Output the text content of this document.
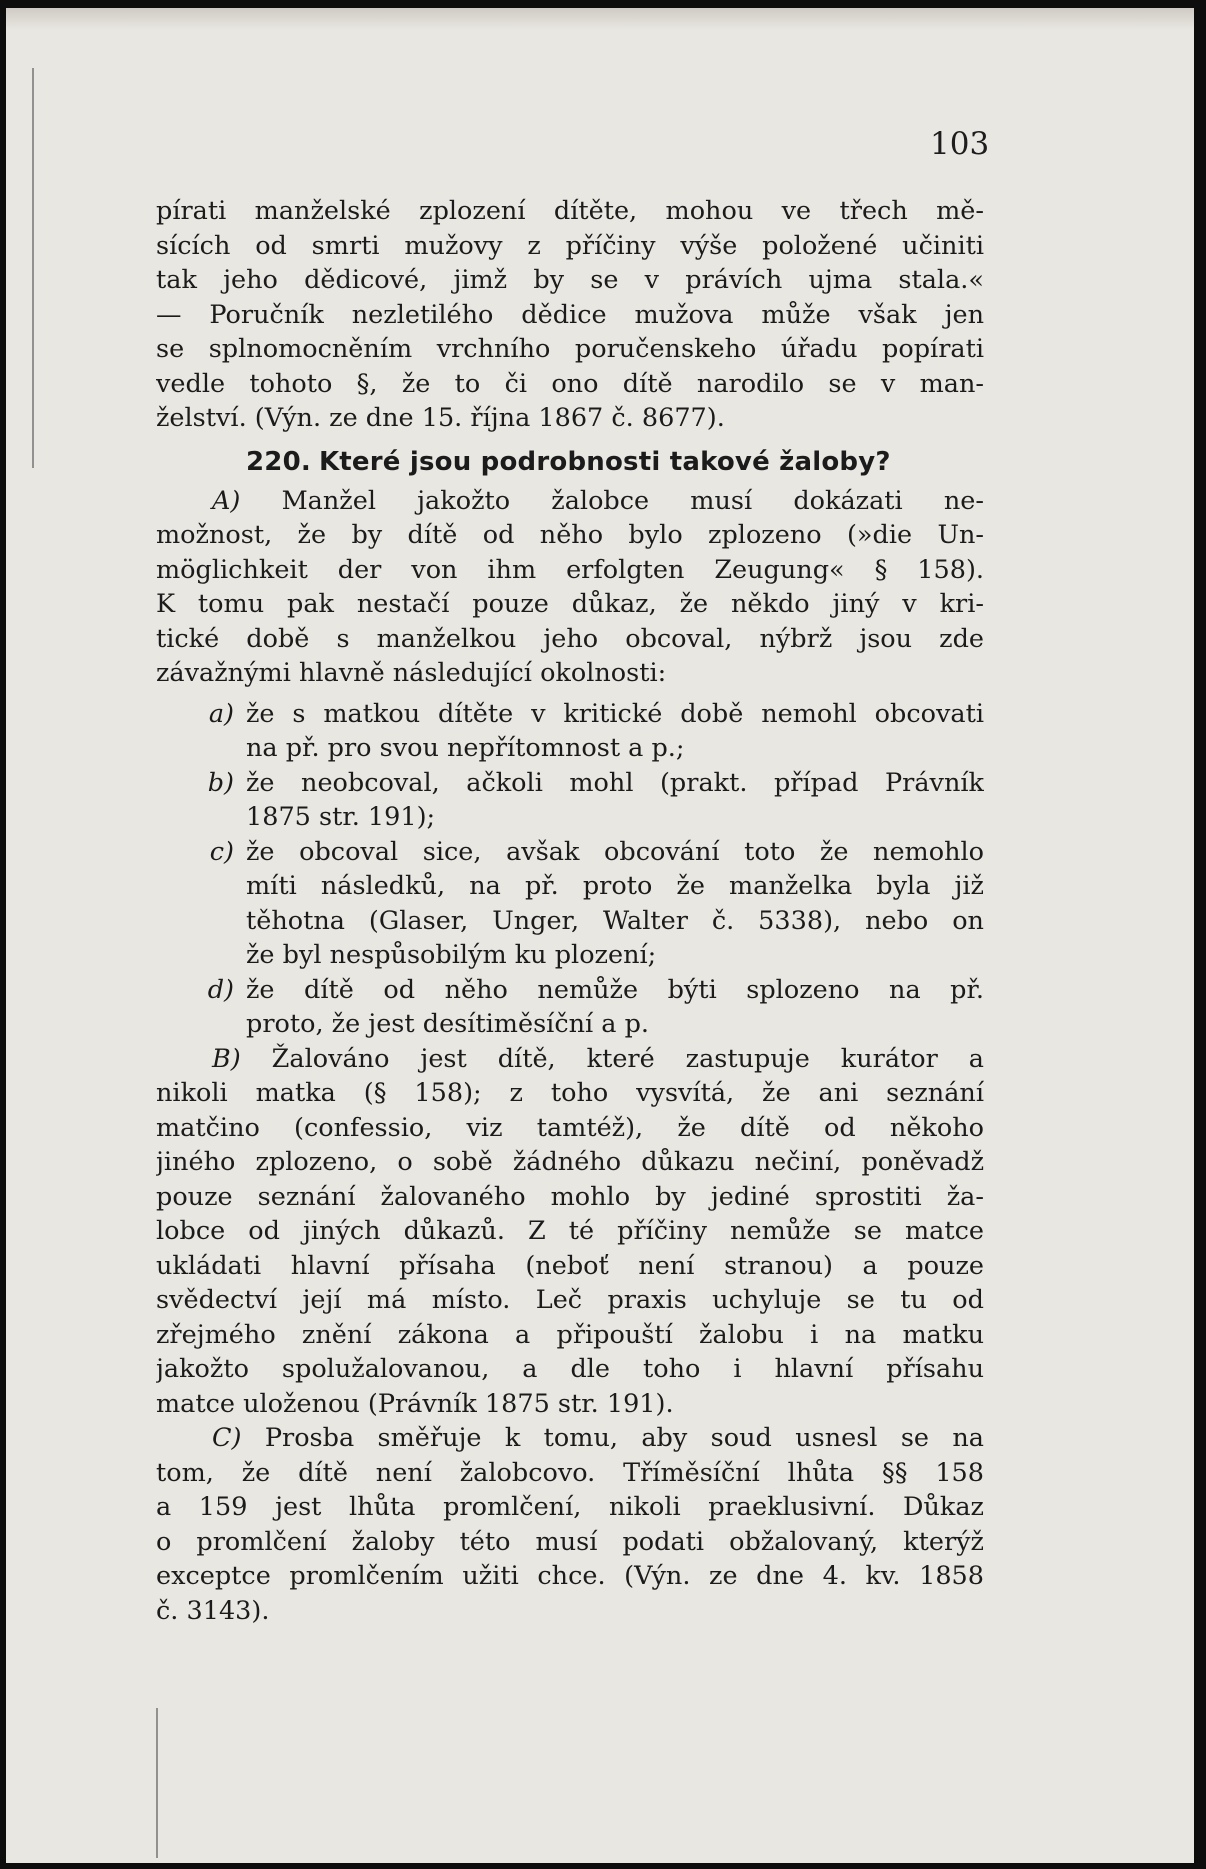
103

pírati manželské zplození dítěte, mohou ve třech mě-
sících od smrti mužovy z příčiny výše položené učiniti
tak jeho dědicové, jimž by se v právích ujma stala.«
— Poručník nezletilého dědice mužova může však jen
se splnomocněním vrchního poručenskeho úřadu popírati
vedle tohoto §, že to či ono dítě narodilo se v man-
želství. (Výn. ze dne 15. října 1867 č. 8677).
220. Které jsou podrobnosti takové žaloby?
A) Manžel jakožto žalobce musí dokázati ne-
možnost, že by dítě od něho bylo zplozeno (»die Un-
möglichkeit der von ihm erfolgten Zeugung« § 158).
K tomu pak nestačí pouze důkaz, že někdo jiný v kri-
tické době s manželkou jeho obcoval, nýbrž jsou zde
závažnými hlavně následující okolnosti:
a) že s matkou dítěte v kritické době nemohl obcovati
na př. pro svou nepřítomnost a p.;
b) že neobcoval, ačkoli mohl (prakt. případ Právník
1875 str. 191);
c) že obcoval sice, avšak obcování toto že nemohlo
míti následků, na př. proto že manželka byla již
těhotna (Glaser, Unger, Walter č. 5338), nebo on
že byl nespůsobilým ku plození;
d) že dítě od něho nemůže býti splozeno na př.
proto, že jest desítiměsíční a p.
B) Žalováno jest dítě, které zastupuje kurátor a
nikoli matka (§ 158); z toho vysvítá, že ani seznání
matčino (confessio, viz tamtéž), že dítě od někoho
jiného zplozeno, o sobě žádného důkazu nečiní, poněvadž
pouze seznání žalovaného mohlo by jediné sprostiti ža-
lobce od jiných důkazů. Z té příčiny nemůže se matce
ukládati hlavní přísaha (neboť není stranou) a pouze
svědectví její má místo. Leč praxis uchyluje se tu od
zřejmého znění zákona a připouští žalobu i na matku
jakožto spolužalovanou, a dle toho i hlavní přísahu
matce uloženou (Právník 1875 str. 191).
C) Prosba směřuje k tomu, aby soud usnesl se na
tom, že dítě není žalobcovo. Tříměsíční lhůta §§ 158
a 159 jest lhůta promlčení, nikoli praeklusivní. Důkaz
o promlčení žaloby této musí podati obžalovaný, kterýž
exceptce promlčením užiti chce. (Výn. ze dne 4. kv. 1858
č. 3143).
